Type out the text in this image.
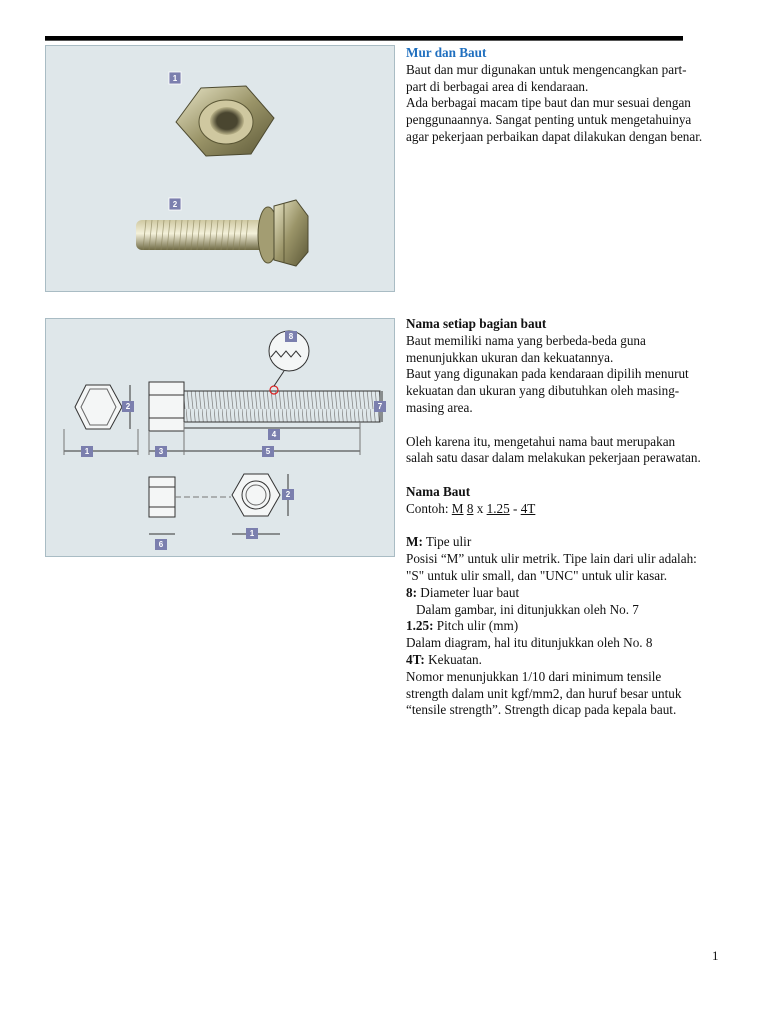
1
2
1
2
3
4
5
6
7
8
1
2
Mur dan Baut
Baut dan mur digunakan untuk mengencangkan part-
part di berbagai area di kendaraan.
Ada berbagai macam tipe baut dan mur sesuai dengan
penggunaannya. Sangat penting untuk mengetahuinya
agar pekerjaan perbaikan dapat dilakukan dengan benar.
Nama setiap bagian baut
Baut memiliki nama yang berbeda-beda guna
menunjukkan ukuran dan kekuatannya.
Baut yang digunakan pada kendaraan dipilih menurut
kekuatan dan ukuran yang dibutuhkan oleh masing-
masing area.
Oleh karena itu, mengetahui nama baut merupakan
salah satu dasar dalam melakukan pekerjaan perawatan.
Nama Baut
Contoh: M 8 x 1.25 - 4T
M: Tipe ulir
Posisi “M” untuk ulir metrik. Tipe lain dari ulir adalah:
"S" untuk ulir small, dan "UNC" untuk ulir kasar.
8: Diameter luar baut
Dalam gambar, ini ditunjukkan oleh No. 7
1.25: Pitch ulir (mm)
Dalam diagram, hal itu ditunjukkan oleh No. 8
4T: Kekuatan.
Nomor menunjukkan 1/10 dari minimum tensile
strength dalam unit kgf/mm2, dan huruf besar untuk
“tensile strength”. Strength dicap pada kepala baut.
1
